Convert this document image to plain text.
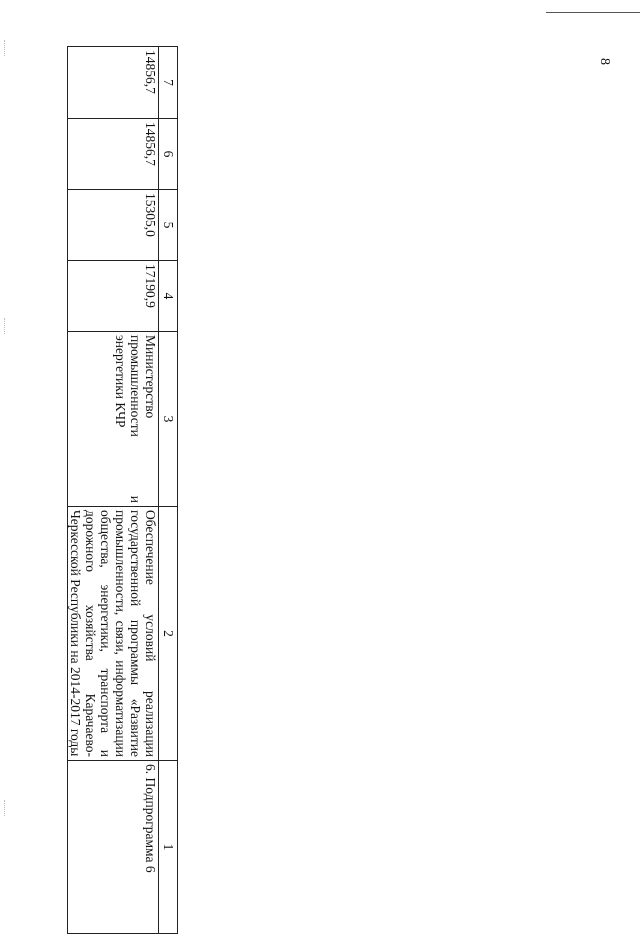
8
7	6	5	4	3	2	1
14856,7	14856,7	15305,0	17190,9	Министерство промышленности и энергетики КЧР	Обеспечение условий реализации государственной программы «Развитие промышленности, связи, информатизации общества, энергетики, транспорта и дорожного хозяйства Карачаево-Черкесской Республики на 2014-2017 годы	6. Подпрограмма 6
